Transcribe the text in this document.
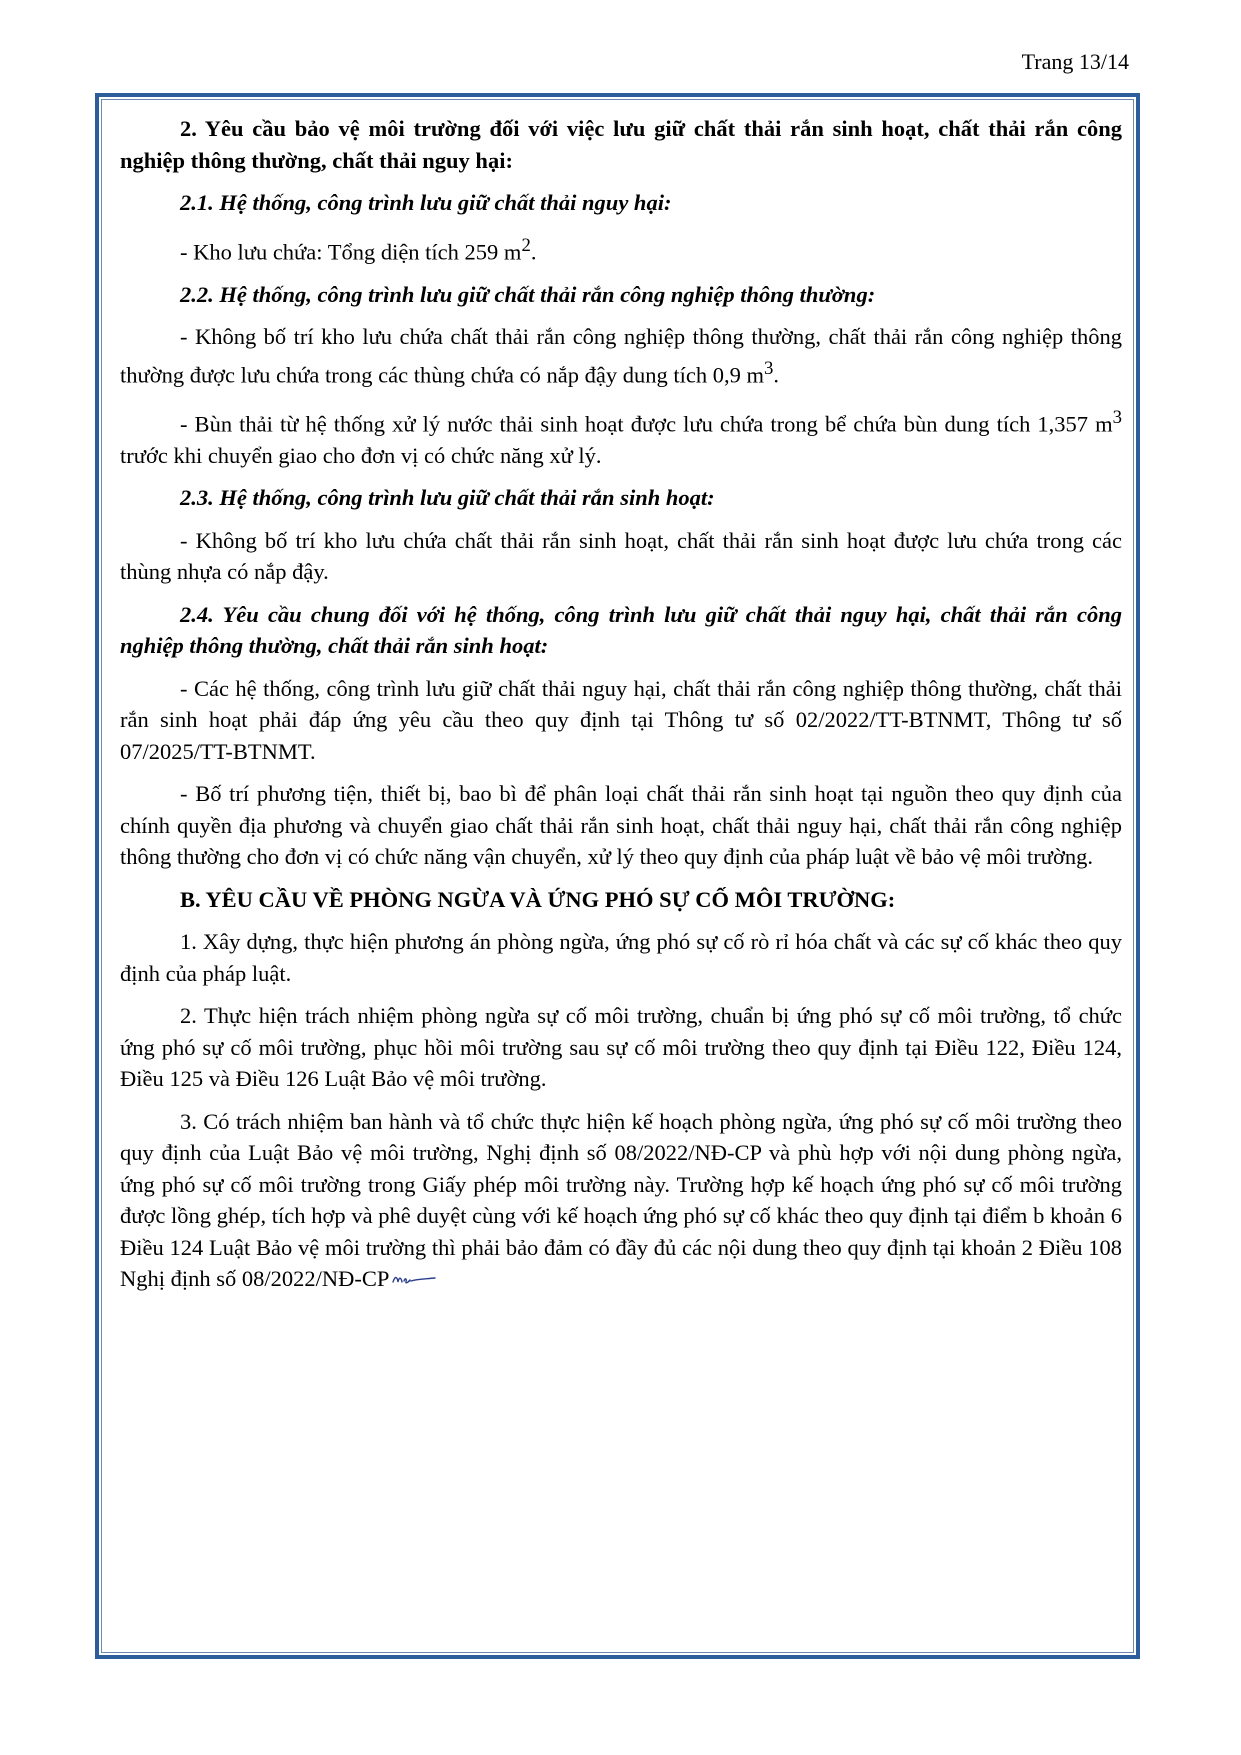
Trang 13/14

2. Yêu cầu bảo vệ môi trường đối với việc lưu giữ chất thải rắn sinh hoạt, chất thải rắn công nghiệp thông thường, chất thải nguy hại:

2.1. Hệ thống, công trình lưu giữ chất thải nguy hại:

- Kho lưu chứa: Tổng diện tích 259 $m^2$.

2.2. Hệ thống, công trình lưu giữ chất thải rắn công nghiệp thông thường:

- Không bố trí kho lưu chứa chất thải rắn công nghiệp thông thường, chất thải rắn công nghiệp thông thường được lưu chứa trong các thùng chứa có nắp đậy dung tích 0,9 $m^3$.

- Bùn thải từ hệ thống xử lý nước thải sinh hoạt được lưu chứa trong bể chứa bùn dung tích 1,357 $m^3$ trước khi chuyển giao cho đơn vị có chức năng xử lý.

2.3. Hệ thống, công trình lưu giữ chất thải rắn sinh hoạt:

- Không bố trí kho lưu chứa chất thải rắn sinh hoạt, chất thải rắn sinh hoạt được lưu chứa trong các thùng nhựa có nắp đậy.

2.4. Yêu cầu chung đối với hệ thống, công trình lưu giữ chất thải nguy hại, chất thải rắn công nghiệp thông thường, chất thải rắn sinh hoạt:

- Các hệ thống, công trình lưu giữ chất thải nguy hại, chất thải rắn công nghiệp thông thường, chất thải rắn sinh hoạt phải đáp ứng yêu cầu theo quy định tại Thông tư số 02/2022/TT-BTNMT, Thông tư số 07/2025/TT-BTNMT.

- Bố trí phương tiện, thiết bị, bao bì để phân loại chất thải rắn sinh hoạt tại nguồn theo quy định của chính quyền địa phương và chuyển giao chất thải rắn sinh hoạt, chất thải nguy hại, chất thải rắn công nghiệp thông thường cho đơn vị có chức năng vận chuyển, xử lý theo quy định của pháp luật về bảo vệ môi trường.

B. YÊU CẦU VỀ PHÒNG NGỪA VÀ ỨNG PHÓ SỰ CỐ MÔI TRƯỜNG:

1. Xây dựng, thực hiện phương án phòng ngừa, ứng phó sự cố rò rỉ hóa chất và các sự cố khác theo quy định của pháp luật.

2. Thực hiện trách nhiệm phòng ngừa sự cố môi trường, chuẩn bị ứng phó sự cố môi trường, tổ chức ứng phó sự cố môi trường, phục hồi môi trường sau sự cố môi trường theo quy định tại Điều 122, Điều 124, Điều 125 và Điều 126 Luật Bảo vệ môi trường.

3. Có trách nhiệm ban hành và tổ chức thực hiện kế hoạch phòng ngừa, ứng phó sự cố môi trường theo quy định của Luật Bảo vệ môi trường, Nghị định số 08/2022/NĐ-CP và phù hợp với nội dung phòng ngừa, ứng phó sự cố môi trường trong Giấy phép môi trường này. Trường hợp kế hoạch ứng phó sự cố môi trường được lồng ghép, tích hợp và phê duyệt cùng với kế hoạch ứng phó sự cố khác theo quy định tại điểm b khoản 6 Điều 124 Luật Bảo vệ môi trường thì phải bảo đảm có đầy đủ các nội dung theo quy định tại khoản 2 Điều 108 Nghị định số 08/2022/NĐ-CP
